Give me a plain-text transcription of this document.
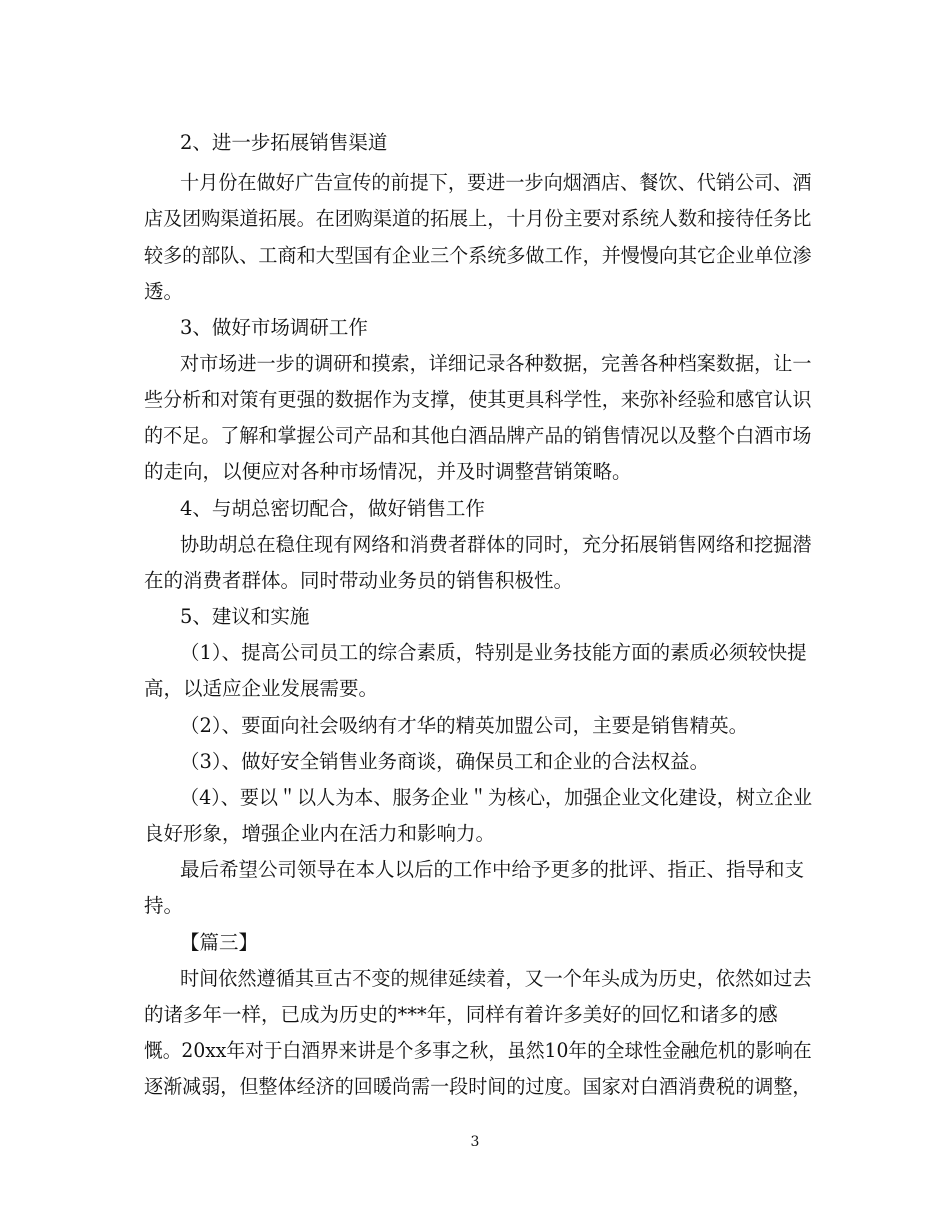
2、进一步拓展销售渠道
十月份在做好广告宣传的前提下，要进一步向烟酒店、餐饮、代销公司、酒
店及团购渠道拓展。在团购渠道的拓展上，十月份主要对系统人数和接待任务比
较多的部队、工商和大型国有企业三个系统多做工作，并慢慢向其它企业单位渗
透。
3、做好市场调研工作
对市场进一步的调研和摸索，详细记录各种数据，完善各种档案数据，让一
些分析和对策有更强的数据作为支撑，使其更具科学性，来弥补经验和感官认识
的不足。了解和掌握公司产品和其他白酒品牌产品的销售情况以及整个白酒市场
的走向，以便应对各种市场情况，并及时调整营销策略。
4、与胡总密切配合，做好销售工作
协助胡总在稳住现有网络和消费者群体的同时，充分拓展销售网络和挖掘潜
在的消费者群体。同时带动业务员的销售积极性。
5、建议和实施
（1）、提高公司员工的综合素质，特别是业务技能方面的素质必须较快提
高，以适应企业发展需要。
（2）、要面向社会吸纳有才华的精英加盟公司，主要是销售精英。
（3）、做好安全销售业务商谈，确保员工和企业的合法权益。
（4）、要以＂以人为本、服务企业＂为核心，加强企业文化建设，树立企业
良好形象，增强企业内在活力和影响力。
最后希望公司领导在本人以后的工作中给予更多的批评、指正、指导和支
持。
【篇三】
时间依然遵循其亘古不变的规律延续着，又一个年头成为历史，依然如过去
的诸多年一样，已成为历史的***年，同样有着许多美好的回忆和诸多的感
慨。20xx年对于白酒界来讲是个多事之秋，虽然10年的全球性金融危机的影响在
逐渐减弱，但整体经济的回暖尚需一段时间的过度。国家对白酒消费税的调整，
3
